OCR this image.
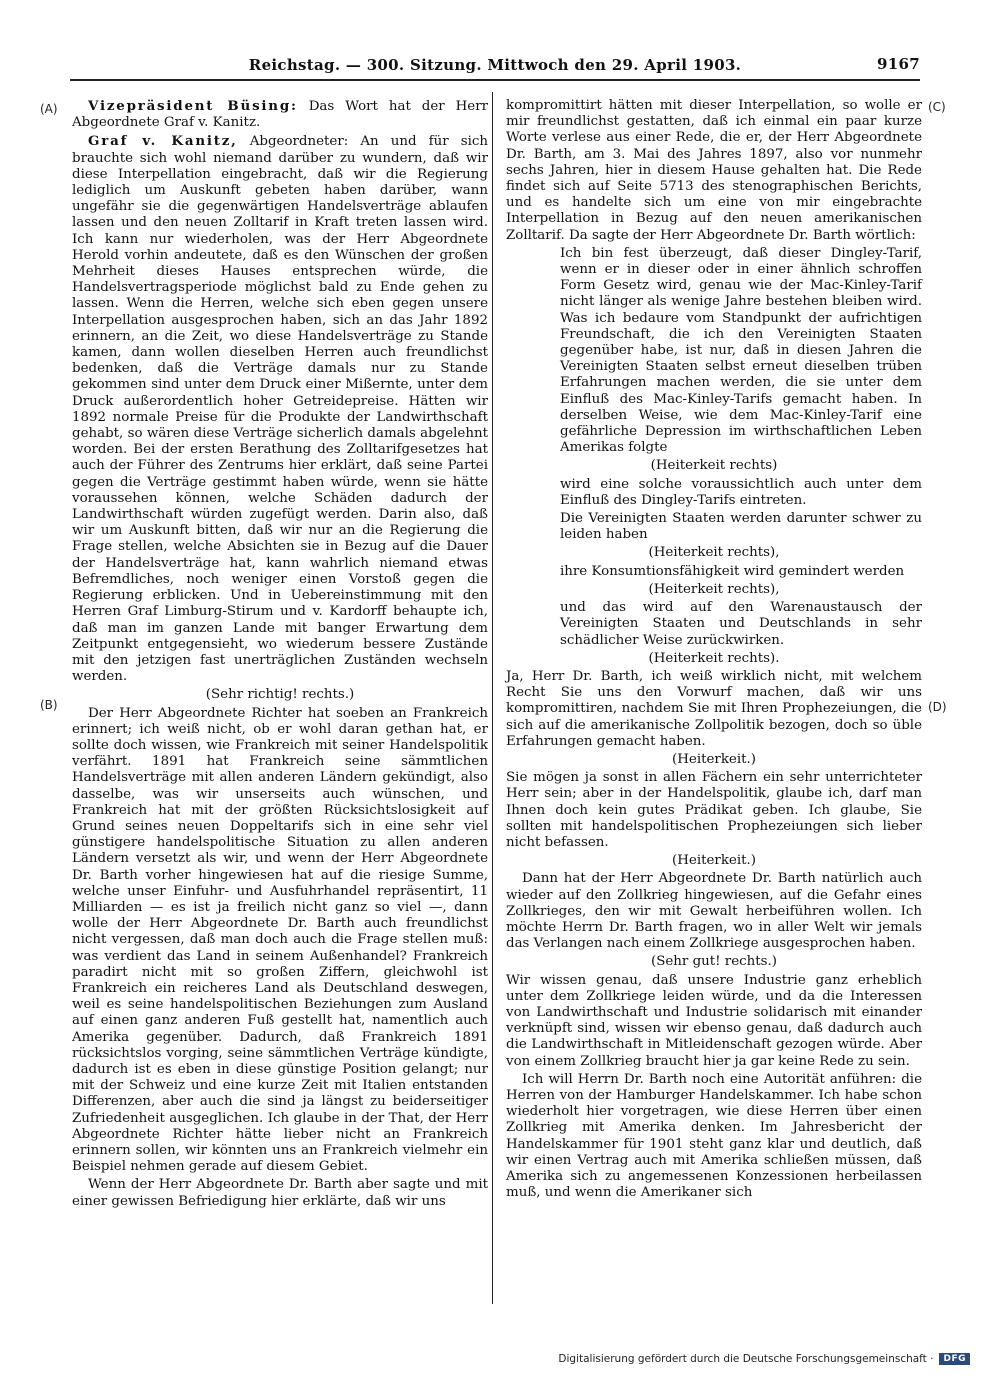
Reichstag. — 300. Sitzung. Mittwoch den 29. April 1903.	9167
(A)
(B)
(C)
(D)

Vizepräsident Büsing: Das Wort hat der Herr Abgeordnete Graf v. Kanitz.

Graf v. Kanitz, Abgeordneter: An und für sich brauchte sich wohl niemand darüber zu wundern, daß wir diese Interpellation eingebracht, daß wir die Regierung lediglich um Auskunft gebeten haben darüber, wann ungefähr sie die gegenwärtigen Handelsverträge ablaufen lassen und den neuen Zolltarif in Kraft treten lassen wird. Ich kann nur wiederholen, was der Herr Abgeordnete Herold vorhin andeutete, daß es den Wünschen der großen Mehrheit dieses Hauses entsprechen würde, die Handelsvertragsperiode möglichst bald zu Ende gehen zu lassen. Wenn die Herren, welche sich eben gegen unsere Interpellation ausgesprochen haben, sich an das Jahr 1892 erinnern, an die Zeit, wo diese Handelsverträge zu Stande kamen, dann wollen dieselben Herren auch freundlichst bedenken, daß die Verträge damals nur zu Stande gekommen sind unter dem Druck einer Mißernte, unter dem Druck außerordentlich hoher Getreidepreise. Hätten wir 1892 normale Preise für die Produkte der Landwirthschaft gehabt, so wären diese Verträge sicherlich damals abgelehnt worden. Bei der ersten Berathung des Zolltarifgesetzes hat auch der Führer des Zentrums hier erklärt, daß seine Partei gegen die Verträge gestimmt haben würde, wenn sie hätte voraussehen können, welche Schäden dadurch der Landwirthschaft würden zugefügt werden. Darin also, daß wir um Auskunft bitten, daß wir nur an die Regierung die Frage stellen, welche Absichten sie in Bezug auf die Dauer der Handelsverträge hat, kann wahrlich niemand etwas Befremdliches, noch weniger einen Vorstoß gegen die Regierung erblicken. Und in Uebereinstimmung mit den Herren Graf Limburg-Stirum und v. Kardorff behaupte ich, daß man im ganzen Lande mit banger Erwartung dem Zeitpunkt entgegensieht, wo wiederum bessere Zustände mit den jetzigen fast unerträglichen Zuständen wechseln werden.

(Sehr richtig! rechts.)

Der Herr Abgeordnete Richter hat soeben an Frankreich erinnert; ich weiß nicht, ob er wohl daran gethan hat, er sollte doch wissen, wie Frankreich mit seiner Handelspolitik verfährt. 1891 hat Frankreich seine sämmtlichen Handelsverträge mit allen anderen Ländern gekündigt, also dasselbe, was wir unserseits auch wünschen, und Frankreich hat mit der größten Rücksichtslosigkeit auf Grund seines neuen Doppeltarifs sich in eine sehr viel günstigere handelspolitische Situation zu allen anderen Ländern versetzt als wir, und wenn der Herr Abgeordnete Dr. Barth vorher hingewiesen hat auf die riesige Summe, welche unser Einfuhr- und Ausfuhrhandel repräsentirt, 11 Milliarden — es ist ja freilich nicht ganz so viel —, dann wolle der Herr Abgeordnete Dr. Barth auch freundlichst nicht vergessen, daß man doch auch die Frage stellen muß: was verdient das Land in seinem Außenhandel? Frankreich paradirt nicht mit so großen Ziffern, gleichwohl ist Frankreich ein reicheres Land als Deutschland deswegen, weil es seine handelspolitischen Beziehungen zum Ausland auf einen ganz anderen Fuß gestellt hat, namentlich auch Amerika gegenüber. Dadurch, daß Frankreich 1891 rücksichtslos vorging, seine sämmtlichen Verträge kündigte, dadurch ist es eben in diese günstige Position gelangt; nur mit der Schweiz und eine kurze Zeit mit Italien entstanden Differenzen, aber auch die sind ja längst zu beiderseitiger Zufriedenheit ausgeglichen. Ich glaube in der That, der Herr Abgeordnete Richter hätte lieber nicht an Frankreich erinnern sollen, wir könnten uns an Frankreich vielmehr ein Beispiel nehmen gerade auf diesem Gebiet.

Wenn der Herr Abgeordnete Dr. Barth aber sagte und mit einer gewissen Befriedigung hier erklärte, daß wir uns

kompromittirt hätten mit dieser Interpellation, so wolle er mir freundlichst gestatten, daß ich einmal ein paar kurze Worte verlese aus einer Rede, die er, der Herr Abgeordnete Dr. Barth, am 3. Mai des Jahres 1897, also vor nunmehr sechs Jahren, hier in diesem Hause gehalten hat. Die Rede findet sich auf Seite 5713 des stenographischen Berichts, und es handelte sich um eine von mir eingebrachte Interpellation in Bezug auf den neuen amerikanischen Zolltarif. Da sagte der Herr Abgeordnete Dr. Barth wörtlich:

Ich bin fest überzeugt, daß dieser Dingley-Tarif, wenn er in dieser oder in einer ähnlich schroffen Form Gesetz wird, genau wie der Mac-Kinley-Tarif nicht länger als wenige Jahre bestehen bleiben wird. Was ich bedaure vom Standpunkt der aufrichtigen Freundschaft, die ich den Vereinigten Staaten gegenüber habe, ist nur, daß in diesen Jahren die Vereinigten Staaten selbst erneut dieselben trüben Erfahrungen machen werden, die sie unter dem Einfluß des Mac-Kinley-Tarifs gemacht haben. In derselben Weise, wie dem Mac-Kinley-Tarif eine gefährliche Depression im wirthschaftlichen Leben Amerikas folgte

(Heiterkeit rechts)

wird eine solche voraussichtlich auch unter dem Einfluß des Dingley-Tarifs eintreten.

Die Vereinigten Staaten werden darunter schwer zu leiden haben

(Heiterkeit rechts),

ihre Konsumtionsfähigkeit wird gemindert werden

(Heiterkeit rechts),

und das wird auf den Warenaustausch der Vereinigten Staaten und Deutschlands in sehr schädlicher Weise zurückwirken.

(Heiterkeit rechts).

Ja, Herr Dr. Barth, ich weiß wirklich nicht, mit welchem Recht Sie uns den Vorwurf machen, daß wir uns kompromittiren, nachdem Sie mit Ihren Prophezeiungen, die sich auf die amerikanische Zollpolitik bezogen, doch so üble Erfahrungen gemacht haben.

(Heiterkeit.)

Sie mögen ja sonst in allen Fächern ein sehr unterrichteter Herr sein; aber in der Handelspolitik, glaube ich, darf man Ihnen doch kein gutes Prädikat geben. Ich glaube, Sie sollten mit handelspolitischen Prophezeiungen sich lieber nicht befassen.

(Heiterkeit.)

Dann hat der Herr Abgeordnete Dr. Barth natürlich auch wieder auf den Zollkrieg hingewiesen, auf die Gefahr eines Zollkrieges, den wir mit Gewalt herbeiführen wollen. Ich möchte Herrn Dr. Barth fragen, wo in aller Welt wir jemals das Verlangen nach einem Zollkriege ausgesprochen haben.

(Sehr gut! rechts.)

Wir wissen genau, daß unsere Industrie ganz erheblich unter dem Zollkriege leiden würde, und da die Interessen von Landwirthschaft und Industrie solidarisch mit einander verknüpft sind, wissen wir ebenso genau, daß dadurch auch die Landwirthschaft in Mitleidenschaft gezogen würde. Aber von einem Zollkrieg braucht hier ja gar keine Rede zu sein.

Ich will Herrn Dr. Barth noch eine Autorität anführen: die Herren von der Hamburger Handelskammer. Ich habe schon wiederholt hier vorgetragen, wie diese Herren über einen Zollkrieg mit Amerika denken. Im Jahresbericht der Handelskammer für 1901 steht ganz klar und deutlich, daß wir einen Vertrag auch mit Amerika schließen müssen, daß Amerika sich zu angemessenen Konzessionen herbeilassen muß, und wenn die Amerikaner sich

Digitalisierung gefördert durch die Deutsche Forschungsgemeinschaft ·	DFG
